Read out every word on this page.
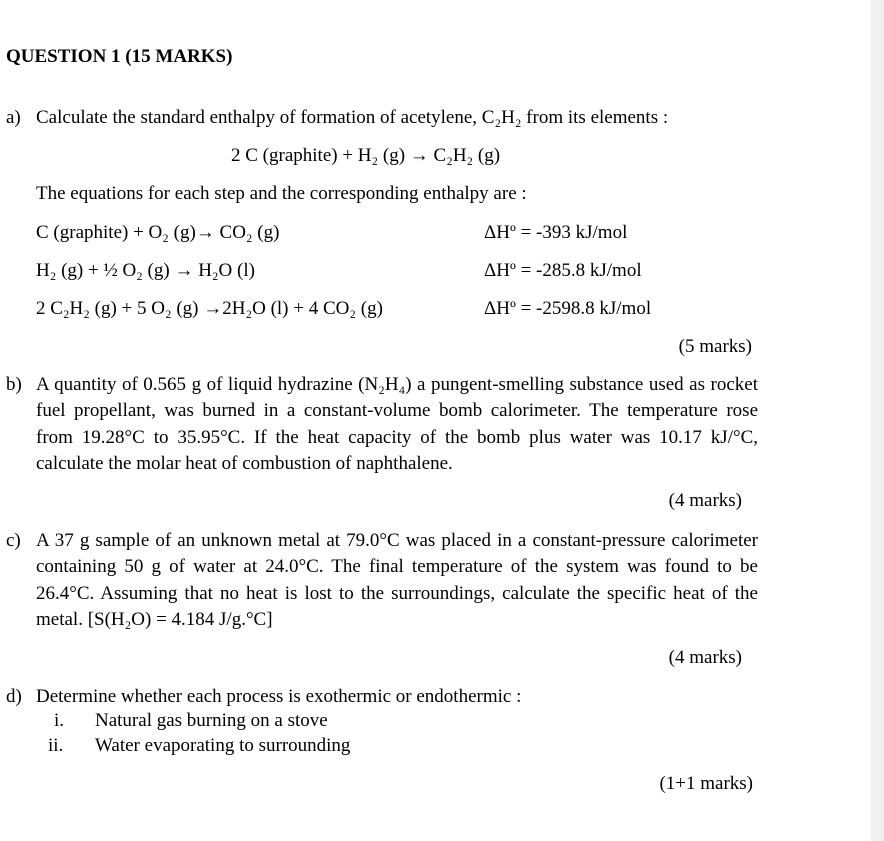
QUESTION 1 (15 MARKS)
a) Calculate the standard enthalpy of formation of acetylene, C₂H₂ from its elements :
2 C (graphite) + H₂ (g) → C₂H₂ (g)
The equations for each step and the corresponding enthalpy are :
C (graphite) + O₂ (g)→ CO₂ (g)	ΔHº = -393 kJ/mol
H₂ (g) + ½ O₂ (g) → H₂O (l)	ΔHº = -285.8 kJ/mol
2 C₂H₂ (g) + 5 O₂ (g) →2H₂O (l) + 4 CO₂ (g)	ΔHº = -2598.8 kJ/mol
(5 marks)
b) A quantity of 0.565 g of liquid hydrazine (N₂H₄) a pungent-smelling substance used as rocket fuel propellant, was burned in a constant-volume bomb calorimeter. The temperature rose from 19.28°C to 35.95°C. If the heat capacity of the bomb plus water was 10.17 kJ/°C, calculate the molar heat of combustion of naphthalene.
(4 marks)
c) A 37 g sample of an unknown metal at 79.0°C was placed in a constant-pressure calorimeter containing 50 g of water at 24.0°C. The final temperature of the system was found to be 26.4°C. Assuming that no heat is lost to the surroundings, calculate the specific heat of the metal. [S(H₂O) = 4.184 J/g.°C]
(4 marks)
d) Determine whether each process is exothermic or endothermic :
i. Natural gas burning on a stove
ii. Water evaporating to surrounding
(1+1 marks)
